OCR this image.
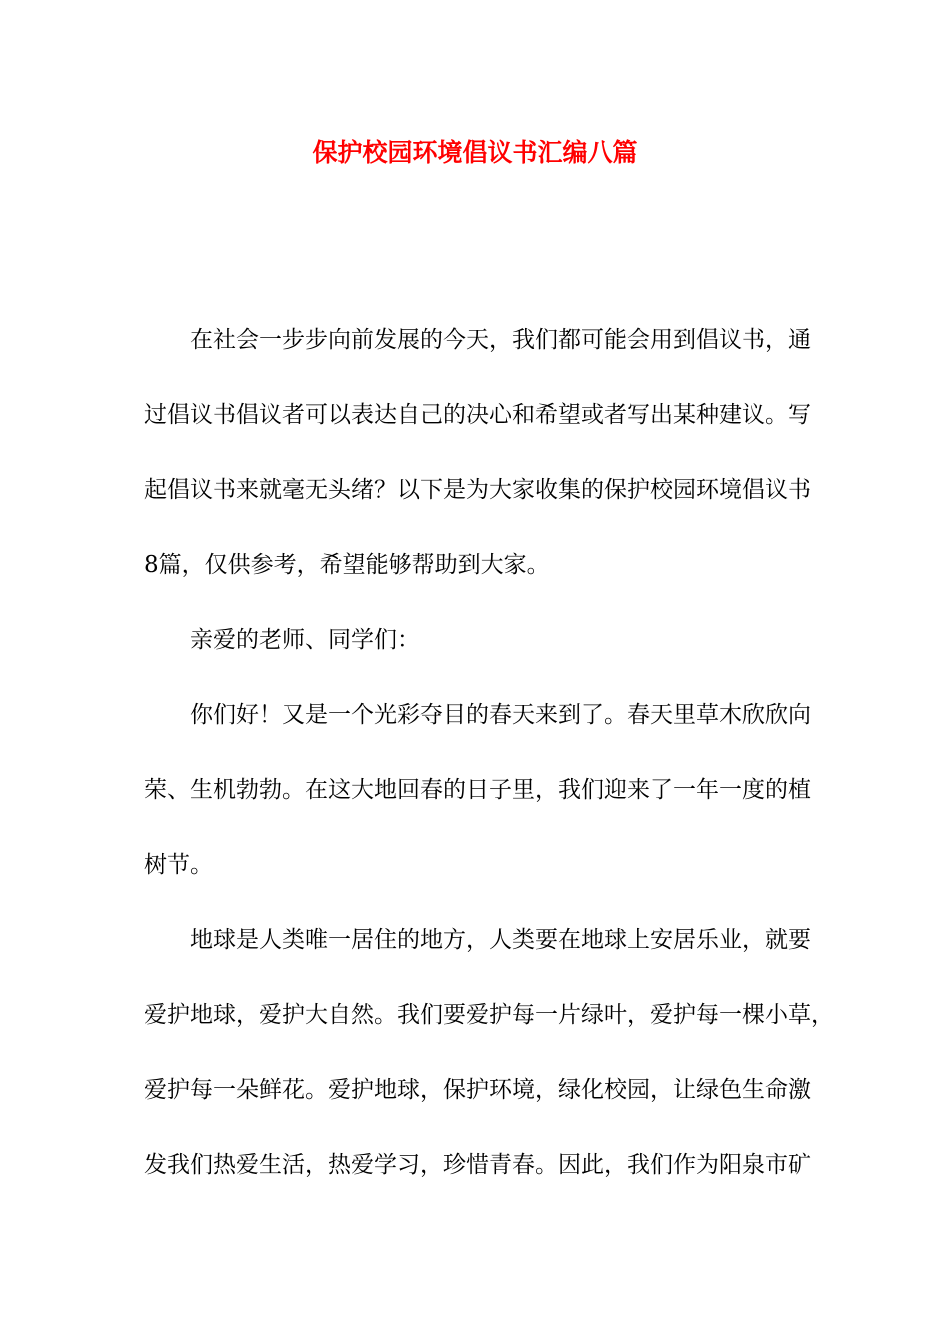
保护校园环境倡议书汇编八篇
在社会一步步向前发展的今天，我们都可能会用到倡议书，通
过倡议书倡议者可以表达自己的决心和希望或者写出某种建议。写
起倡议书来就毫无头绪？以下是为大家收集的保护校园环境倡议书
8篇，仅供参考，希望能够帮助到大家。
亲爱的老师、同学们：
你们好！又是一个光彩夺目的春天来到了。春天里草木欣欣向
荣、生机勃勃。在这大地回春的日子里，我们迎来了一年一度的植
树节。
地球是人类唯一居住的地方，人类要在地球上安居乐业，就要
爱护地球，爱护大自然。我们要爱护每一片绿叶，爱护每一棵小草，
爱护每一朵鲜花。爱护地球，保护环境，绿化校园，让绿色生命激
发我们热爱生活，热爱学习，珍惜青春。因此，我们作为阳泉市矿
